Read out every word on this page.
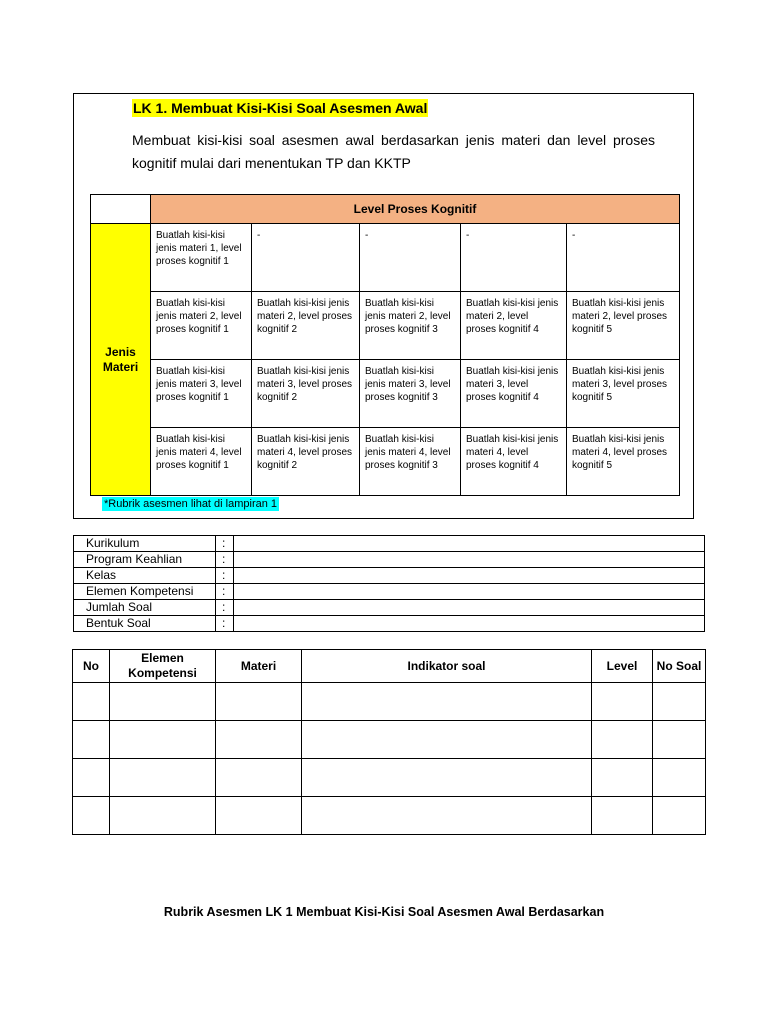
LK 1. Membuat Kisi-Kisi Soal Asesmen Awal
Membuat kisi-kisi soal asesmen awal berdasarkan jenis materi dan level proses kognitif mulai dari menentukan TP dan KKTP
	Level Proses Kognitif				
Jenis Materi	Buatlah kisi-kisi jenis materi 1, level proses kognitif 1	-	-	-	-
	Buatlah kisi-kisi jenis materi 2, level proses kognitif 1	Buatlah kisi-kisi jenis materi 2, level proses kognitif 2	Buatlah kisi-kisi jenis materi 2, level proses kognitif 3	Buatlah kisi-kisi jenis materi 2, level proses kognitif 4	Buatlah kisi-kisi jenis materi 2, level proses kognitif 5
	Buatlah kisi-kisi jenis materi 3, level proses kognitif 1	Buatlah kisi-kisi jenis materi 3, level proses kognitif 2	Buatlah kisi-kisi jenis materi 3, level proses kognitif 3	Buatlah kisi-kisi jenis materi 3, level proses kognitif 4	Buatlah kisi-kisi jenis materi 3, level proses kognitif 5
	Buatlah kisi-kisi jenis materi 4, level proses kognitif 1	Buatlah kisi-kisi jenis materi 4, level proses kognitif 2	Buatlah kisi-kisi jenis materi 4, level proses kognitif 3	Buatlah kisi-kisi jenis materi 4, level proses kognitif 4	Buatlah kisi-kisi jenis materi 4, level proses kognitif 5
*Rubrik asesmen lihat di lampiran 1
Kurikulum	:	
Program Keahlian	:	
Kelas	:	
Elemen Kompetensi	:	
Jumlah Soal	:	
Bentuk Soal	:	
No	Elemen Kompetensi	Materi	Indikator soal	Level	No Soal

Rubrik Asesmen LK 1 Membuat Kisi-Kisi Soal Asesmen Awal Berdasarkan
